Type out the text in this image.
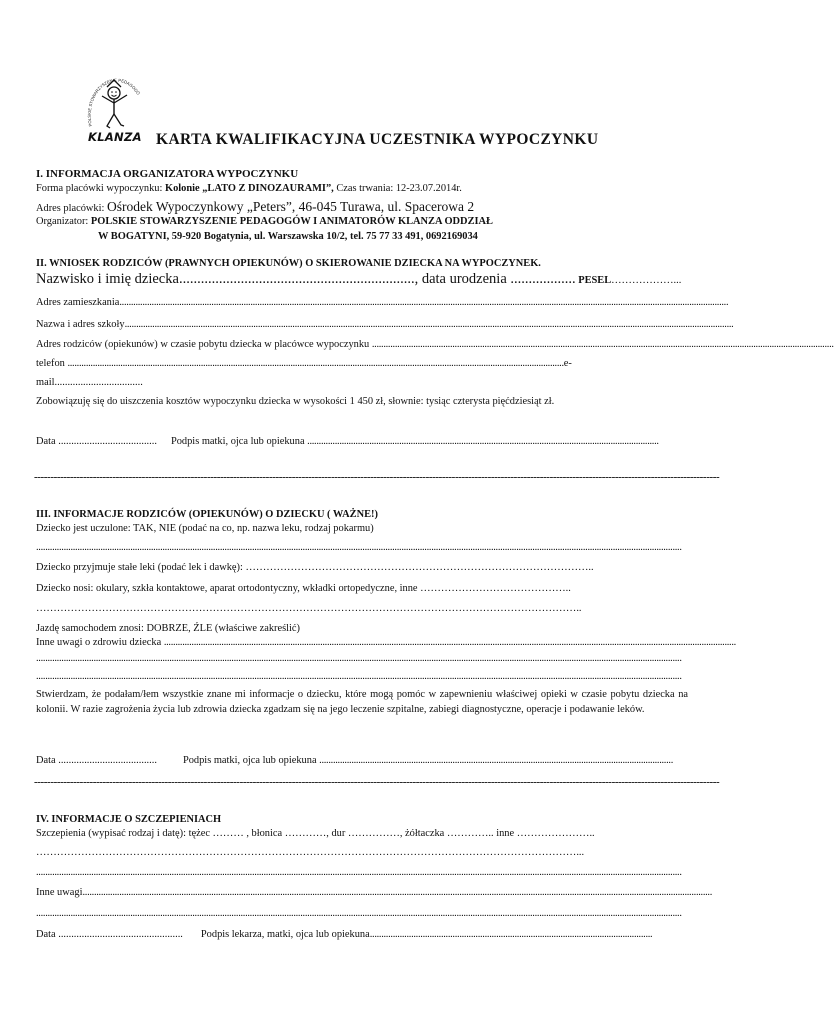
POLSKIE STOWARZYSZENIE PEDAGOGÓ
KLANZA KARTA KWALIFIKACYJNA UCZESTNIKA WYPOCZYNKU
I. INFORMACJA ORGANIZATORA WYPOCZYNKU
Forma placówki wypoczynku: Kolonie „LATO Z DINOZAURAMI”, Czas trwania: 12-23.07.2014r.
Adres placówki: Ośrodek Wypoczynkowy „Peters”, 46-045 Turawa, ul. Spacerowa 2
Organizator: POLSKIE STOWARZYSZENIE PEDAGOGÓW I ANIMATORÓW KLANZA ODDZIAŁ
W BOGATYNI, 59-920 Bogatynia, ul. Warszawska 10/2, tel. 75 77 33 491, 0692169034
II. WNIOSEK RODZICÓW (PRAWNYCH OPIEKUNÓW) O SKIEROWANIE DZIECKA NA WYPOCZYNEK.
Nazwisko i imię dziecka................................................................., data urodzenia .................. PESEL………………...
Adres zamieszkania.........................................................................................................................................................................................................................................................................
Nazwa i adres szkoły.........................................................................................................................................................................................................................................................................
Adres rodziców (opiekunów) w czasie pobytu dziecka w placówce wypoczynku .........................................................................................................................................................................................................
telefon ........................................................................................................................................................................................................................e-
mail..................................
Zobowiązuję się do uiszczenia kosztów wypoczynku dziecka w wysokości 1 450 zł, słownie: tysiąc czterysta pięćdziesiąt zł.
Data ...................................... Podpis matki, ojca lub opiekuna .........................................................................................................................................................
------------------------------------------------------------------------------------------------------------------------------------------------------------------------------------------------------------------
III. INFORMACJE RODZICÓW (OPIEKUNÓW) O DZIECKU ( WAŻNE!)
Dziecko jest uczulone: TAK, NIE (podać na co, np. nazwa leku, rodzaj pokarmu)
.........................................................................................................................................................................................................................................................................................
Dziecko przyjmuje stałe leki (podać lek i dawkę): ………………………………………………………………………………………..
Dziecko nosi: okulary, szkła kontaktowe, aparat ortodontyczny, wkładki ortopedyczne, inne ……………………………………..
…………………………………………………………………………………………………………………………………………..
Jazdę samochodem znosi: DOBRZE, ŹLE (właściwe zakreślić)
Inne uwagi o zdrowiu dziecka .........................................................................................................................................................................................................................................................
.........................................................................................................................................................................................................................................................................................
.........................................................................................................................................................................................................................................................................................
Stwierdzam, że podałam/łem wszystkie znane mi informacje o dziecku, które mogą pomóc w zapewnieniu właściwej opieki w czasie pobytu dziecka na kolonii. W razie zagrożenia życia lub zdrowia dziecka zgadzam się na jego leczenie szpitalne, zabiegi diagnostyczne, operacje i podawanie leków.
Data ......................................	Podpis matki, ojca lub opiekuna ..........................................................................................................................................................
------------------------------------------------------------------------------------------------------------------------------------------------------------------------------------------------------------------
IV. INFORMACJE O SZCZEPIENIACH
Szczepienia (wypisać rodzaj i datę): tężec ……… , błonica …………, dur ……………, żółtaczka ………….. inne …………………..
…………………………………………………………………………………………………………………………………………...
.........................................................................................................................................................................................................................................................................................
Inne uwagi..................................................................................................................................................................................................................................................................................
.........................................................................................................................................................................................................................................................................................
Data ................................................ Podpis lekarza, matki, ojca lub opiekuna...........................................................................................................................
